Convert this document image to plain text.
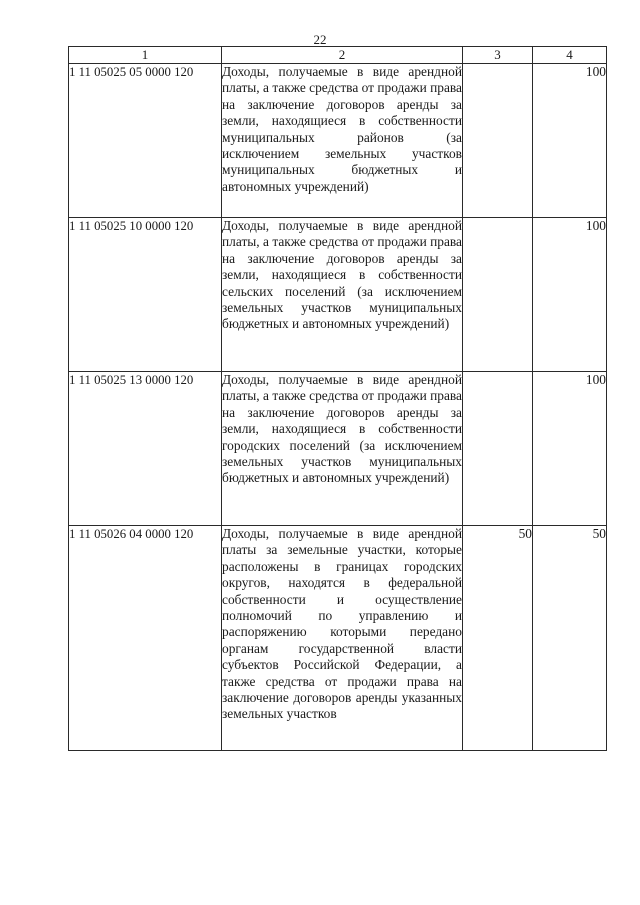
22
1	2	3	4
1 11 05025 05 0000 120	Доходы, получаемые в виде арендной платы, а также средства от продажи права на заключение договоров аренды за земли, находящиеся в собственности муниципальных районов (за исключением земельных участков муниципальных бюджетных и автономных учреждений)		100
1 11 05025 10 0000 120	Доходы, получаемые в виде арендной платы, а также средства от продажи права на заключение договоров аренды за земли, находящиеся в собственности сельских поселений (за исключением земельных участков муниципальных бюджетных и автономных учреждений)		100
1 11 05025 13 0000 120	Доходы, получаемые в виде арендной платы, а также средства от продажи права на заключение договоров аренды за земли, находящиеся в собственности городских поселений (за исключением земельных участков муниципальных бюджетных и автономных учреждений)		100
1 11 05026 04 0000 120	Доходы, получаемые в виде арендной платы за земельные участки, которые расположены в границах городских округов, находятся в федеральной собственности и осуществление полномочий по управлению и распоряжению которыми передано органам государственной власти субъектов Российской Федерации, а также средства от продажи права на заключение договоров аренды указанных земельных участков	50	50
